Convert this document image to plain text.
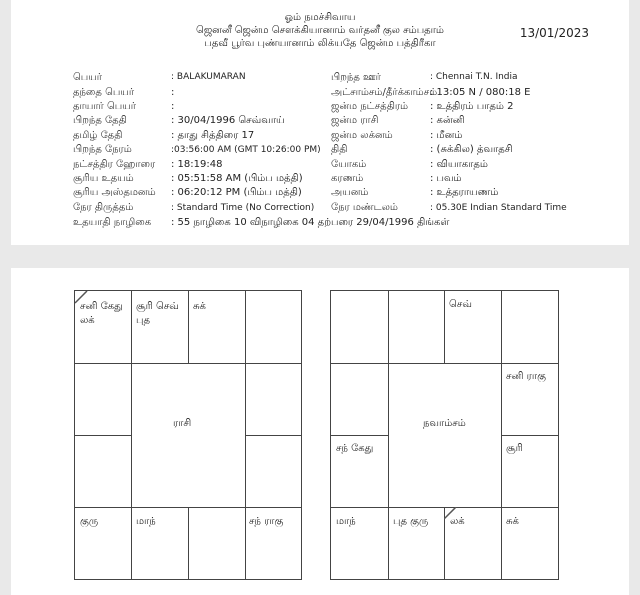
ஓம் நமச்சிவாய
ஜெனனீ ஜென்ம சௌக்கியானாம் வர்தனீ குல சம்பதாம்
பதவீ பூர்வ புண்யானாம் லிக்யதே ஜென்ம பத்திரீகா
13/01/2023
பெயர்	: BALAKUMARAN
தந்தை பெயர்	:
தாயார் பெயர்	:
பிறந்த தேதி	: 30/04/1996 செவ்வாய்
தமிழ் தேதி	: தாது சித்திரை 17
பிறந்த நேரம்	:03:56:00 AM (GMT 10:26:00 PM)
நட்சத்திர ஹோரை : 18:19:48
சூரிய உதயம்	: 05:51:58 AM (பிம்ப மத்தி)
சூரிய அஸ்தமனம் : 06:20:12 PM (பிம்ப மத்தி)
நேர திருத்தம்	: Standard Time (No Correction)
உதயாதி நாழிகை : 55 நாழிகை 10 விநாழிகை 04 தற்பரை 29/04/1996 திங்கள்
பிறந்த ஊர்	: Chennai T.N. India
அட்சாம்சம்/தீர்க்காம்சம்
: 13:05 N / 080:18 E
ஜன்ம நட்சத்திரம் : உத்திரம் பாதம் 2
ஜன்ம ராசி	: கன்னி
ஜன்ம லக்னம்	: மீனம்
திதி	: (சுக்கில) த்வாதசி
யோகம்	: வியாகாதம்
கரணம்	: பவம்
அயனம்	: உத்தராயணம்
நேர மண்டலம்	: 05.30E Indian Standard Time
சனி கேது
லக்
சூரி செவ்
புத
சுக்
ராசி
சந் ராகு
மாந்
குரு
செவ்
சனி ராகு
சூரி
சந் கேது
நவாம்சம்
சுக்
லக்
புத குரு
மாந்
